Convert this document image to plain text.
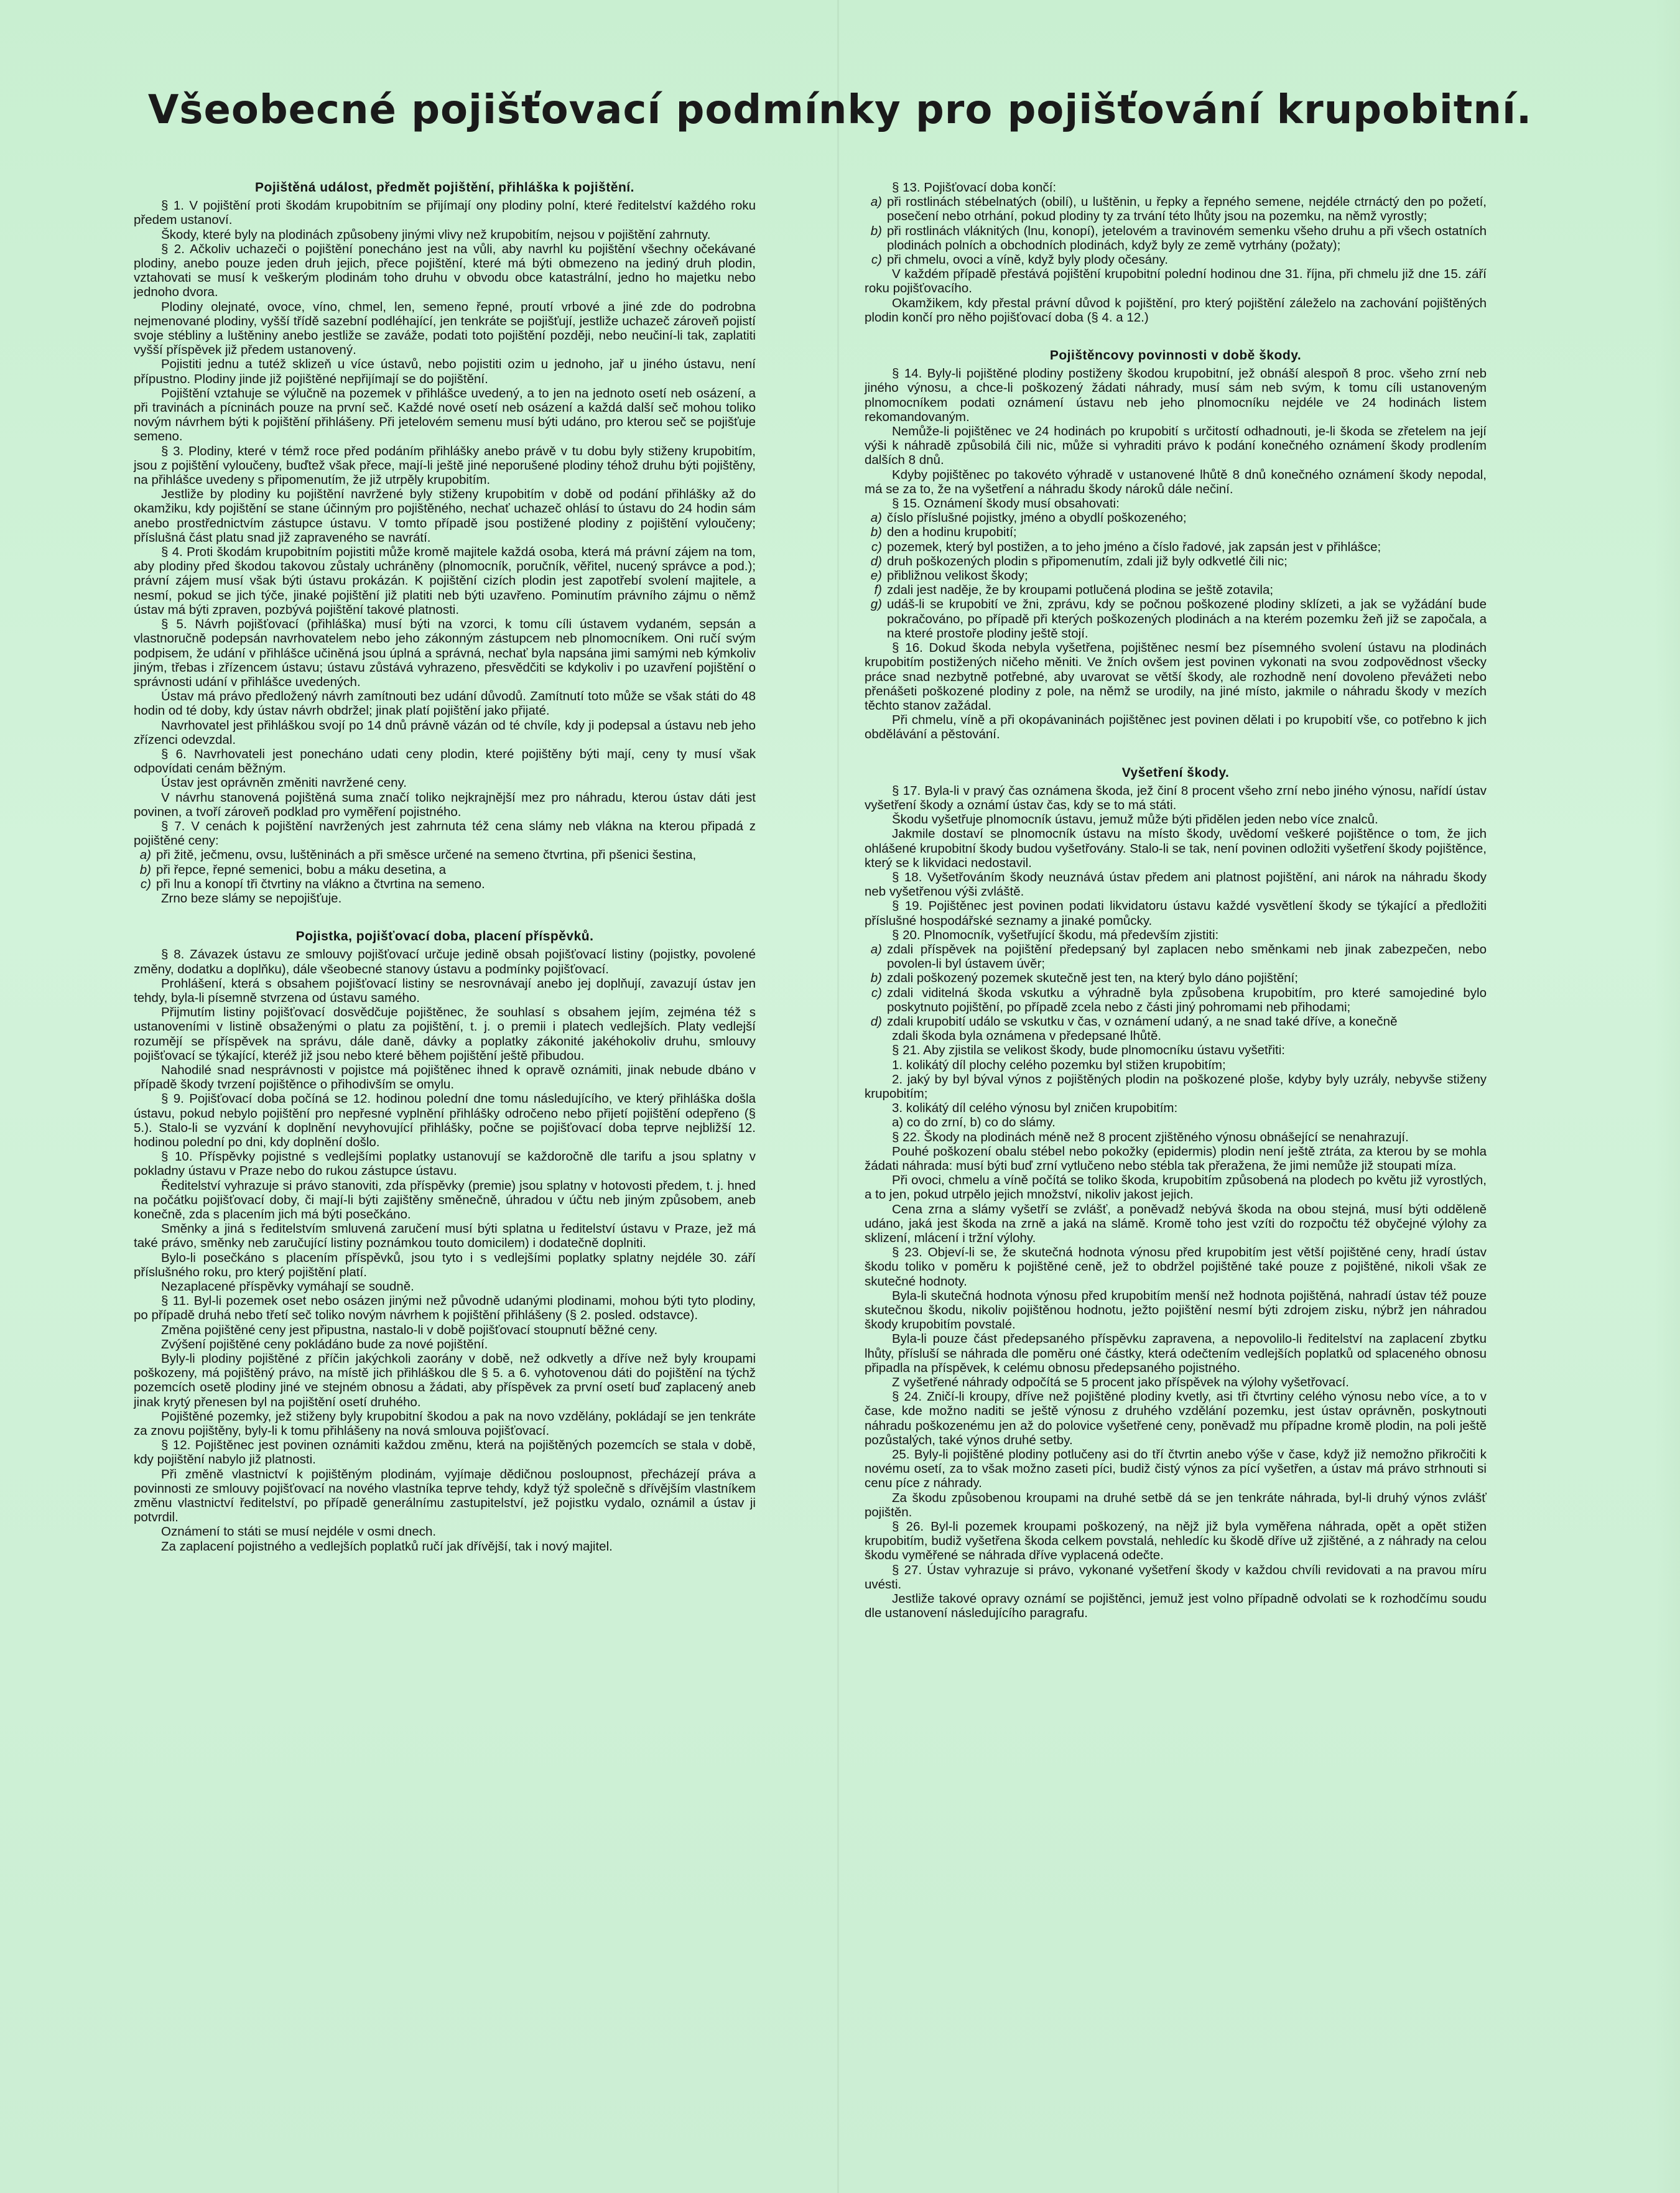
Všeobecné pojišťovací podmínky pro pojišťování krupobitní.
Pojištěná událost, předmět pojištění, přihláška k pojištění.

§ 1. V pojištění proti škodám krupobitním se přijímají ony plodiny polní, které ředitelství každého roku předem ustanoví.

Škody, které byly na plodinách způsobeny jinými vlivy než krupobitím, nejsou v pojištění zahrnuty.

§ 2. Ačkoliv uchazeči o pojištění ponecháno jest na vůli, aby navrhl ku pojištění všechny očekávané plodiny, anebo pouze jeden druh jejich, přece pojištění, které má býti obmezeno na jediný druh plodin, vztahovati se musí k veškerým plodinám toho druhu v obvodu obce katastrální, jedno ho majetku nebo jednoho dvora.

Plodiny olejnaté, ovoce, víno, chmel, len, semeno řepné, proutí vrbové a jiné zde do podrobna nejmenované plodiny, vyšší třídě sazební podléhající, jen tenkráte se pojišťují, jestliže uchazeč zároveň pojistí svoje stébliny a luštěniny anebo jestliže se zaváže, podati toto pojištění později, nebo neučiní-li tak, zaplatiti vyšší příspěvek již předem ustanovený.

Pojistiti jednu a tutéž sklizeň u více ústavů, nebo pojistiti ozim u jednoho, jař u jiného ústavu, není přípustno. Plodiny jinde již pojištěné nepřijímají se do pojištění.

Pojištění vztahuje se výlučně na pozemek v přihlášce uvedený, a to jen na jednoto osetí neb osázení, a při travinách a pícninách pouze na první seč. Každé nové osetí neb osázení a každá další seč mohou toliko novým návrhem býti k pojištění přihlášeny. Při jetelovém semenu musí býti udáno, pro kterou seč se pojišťuje semeno.

§ 3. Plodiny, které v témž roce před podáním přihlášky anebo právě v tu dobu byly stiženy krupobitím, jsou z pojištění vyloučeny, buďtež však přece, mají-li ještě jiné neporušené plodiny téhož druhu býti pojištěny, na přihlášce uvedeny s připomenutím, že již utrpěly krupobitím.

Jestliže by plodiny ku pojištění navržené byly stiženy krupobitím v době od podání přihlášky až do okamžiku, kdy pojištění se stane účinným pro pojištěného, nechať uchazeč ohlásí to ústavu do 24 hodin sám anebo prostřednictvím zástupce ústavu. V tomto případě jsou postižené plodiny z pojištění vyloučeny; příslušná část platu snad již zapraveného se navrátí.

§ 4. Proti škodám krupobitním pojistiti může kromě majitele každá osoba, která má právní zájem na tom, aby plodiny před škodou takovou zůstaly uchráněny (plnomocník, poručník, věřitel, nucený správce a pod.); právní zájem musí však býti ústavu prokázán. K pojištění cizích plodin jest zapotřebí svolení majitele, a nesmí, pokud se jich týče, jinaké pojištění již platiti neb býti uzavřeno. Pominutím právního zájmu o němž ústav má býti zpraven, pozbývá pojištění takové platnosti.

§ 5. Návrh pojišťovací (přihláška) musí býti na vzorci, k tomu cíli ústavem vydaném, sepsán a vlastnoručně podepsán navrhovatelem nebo jeho zákonným zástupcem neb plnomocníkem. Oni ručí svým podpisem, že udání v přihlášce učiněná jsou úplná a správná, nechať byla napsána jimi samými neb kýmkoliv jiným, třebas i zřízencem ústavu; ústavu zůstává vyhrazeno, přesvědčiti se kdykoliv i po uzavření pojištění o správnosti udání v přihlášce uvedených.

Ústav má právo předložený návrh zamítnouti bez udání důvodů. Zamítnutí toto může se však státi do 48 hodin od té doby, kdy ústav návrh obdržel; jinak platí pojištění jako přijaté.

Navrhovatel jest přihláškou svojí po 14 dnů právně vázán od té chvíle, kdy ji podepsal a ústavu neb jeho zřízenci odevzdal.

§ 6. Navrhovateli jest ponecháno udati ceny plodin, které pojištěny býti mají, ceny ty musí však odpovídati cenám běžným.

Ústav jest oprávněn změniti navržené ceny.

V návrhu stanovená pojištěná suma značí toliko nejkrajnější mez pro náhradu, kterou ústav dáti jest povinen, a tvoří zároveň podklad pro vyměření pojistného.

§ 7. V cenách k pojištění navržených jest zahrnuta též cena slámy neb vlákna na kterou připadá z pojištěné ceny:

a) při žitě, ječmenu, ovsu, luštěninách a při směsce určené na semeno čtvrtina, při pšenici šestina,
b) při řepce, řepné semenici, bobu a máku desetina, a
c) při lnu a konopí tři čtvrtiny na vlákno a čtvrtina na semeno.

Zrno beze slámy se nepojišťuje.

Pojistka, pojišťovací doba, placení příspěvků.

§ 8. Závazek ústavu ze smlouvy pojišťovací určuje jedině obsah pojišťovací listiny (pojistky, povolené změny, dodatku a doplňku), dále všeobecné stanovy ústavu a podmínky pojišťovací.

Prohlášení, která s obsahem pojišťovací listiny se nesrovnávají anebo jej doplňují, zavazují ústav jen tehdy, byla-li písemně stvrzena od ústavu samého.

Přijmutím listiny pojišťovací dosvědčuje pojištěnec, že souhlasí s obsahem jejím, zejména též s ustanoveními v listině obsaženými o platu za pojištění, t. j. o premii i platech vedlejších. Platy vedlejší rozumějí se příspěvek na správu, dále daně, dávky a poplatky zákonité jakéhokoliv druhu, smlouvy pojišťovací se týkající, kteréž již jsou nebo které během pojištění ještě přibudou.

Nahodilé snad nesprávnosti v pojistce má pojištěnec ihned k opravě oznámiti, jinak nebude dbáno v případě škody tvrzení pojištěnce o přihodivším se omylu.

§ 9. Pojišťovací doba počíná se 12. hodinou polední dne tomu následujícího, ve který přihláška došla ústavu, pokud nebylo pojištění pro nepřesné vyplnění přihlášky odročeno nebo přijetí pojištění odepřeno (§ 5.). Stalo-li se vyzvání k doplnění nevyhovující přihlášky, počne se pojišťovací doba teprve nejbližší 12. hodinou polední po dni, kdy doplnění došlo.

§ 10. Příspěvky pojistné s vedlejšími poplatky ustanovují se každoročně dle tarifu a jsou splatny v pokladny ústavu v Praze nebo do rukou zástupce ústavu.

Ředitelství vyhrazuje si právo stanoviti, zda příspěvky (premie) jsou splatny v hotovosti předem, t. j. hned na počátku pojišťovací doby, či mají-li býti zajištěny směnečně, úhradou v účtu neb jiným způsobem, aneb konečně, zda s placením jich má býti posečkáno.

Směnky a jiná s ředitelstvím smluvená zaručení musí býti splatna u ředitelství ústavu v Praze, jež má také právo, směnky neb zaručující listiny poznámkou touto domicilem) i dodatečně doplniti.

Bylo-li posečkáno s placením příspěvků, jsou tyto i s vedlejšími poplatky splatny nejdéle 30. září příslušného roku, pro který pojištění platí.

Nezaplacené příspěvky vymáhají se soudně.

§ 11. Byl-li pozemek oset nebo osázen jinými než původně udanými plodinami, mohou býti tyto plodiny, po případě druhá nebo třetí seč toliko novým návrhem k pojištění přihlášeny (§ 2. posled. odstavce).

Změna pojištěné ceny jest připustna, nastalo-li v době pojišťovací stoupnutí běžné ceny.

Zvýšení pojištěné ceny pokládáno bude za nové pojištění.

Byly-li plodiny pojištěné z příčin jakýchkoli zaorány v době, než odkvetly a dříve než byly kroupami poškozeny, má pojištěný právo, na místě jich přihláškou dle § 5. a 6. vyhotovenou dáti do pojištění na týchž pozemcích osetě plodiny jiné ve stejném obnosu a žádati, aby příspěvek za první osetí buď zaplacený aneb jinak krytý přenesen byl na pojištění osetí druhého.

Pojištěné pozemky, jež stiženy byly krupobitní škodou a pak na novo vzdělány, pokládají se jen tenkráte za znovu pojištěny, byly-li k tomu přihlášeny na nová smlouva pojišťovací.

§ 12. Pojištěnec jest povinen oznámiti každou změnu, která na pojištěných pozemcích se stala v době, kdy pojištění nabylo již platnosti.

Při změně vlastnictví k pojištěným plodinám, vyjímaje dědičnou posloupnost, přecházejí práva a povinnosti ze smlouvy pojišťovací na nového vlastníka teprve tehdy, když týž společně s dřívějším vlastníkem změnu vlastnictví ředitelství, po případě generálnímu zastupitelství, jež pojistku vydalo, oznámil a ústav ji potvrdil.

Oznámení to státi se musí nejdéle v osmi dnech.

Za zaplacení pojistného a vedlejších poplatků ručí jak dřívější, tak i nový majitel.

§ 13. Pojišťovací doba končí:

a) při rostlinách stébelnatých (obilí), u luštěnin, u řepky a řepného semene, nejdéle ctrnáctý den po požetí, posečení nebo otrhání, pokud plodiny ty za trvání této lhůty jsou na pozemku, na němž vyrostly;
b) při rostlinách vláknitých (lnu, konopí), jetelovém a travinovém semenku všeho druhu a při všech ostatních plodinách polních a obchodních plodinách, když byly ze země vytrhány (požaty);
c) při chmelu, ovoci a víně, když byly plody očesány.

V každém případě přestává pojištění krupobitní polední hodinou dne 31. října, při chmelu již dne 15. září roku pojišťovacího.

Okamžikem, kdy přestal právní důvod k pojištění, pro který pojištění záleželo na zachování pojištěných plodin končí pro něho pojišťovací doba (§ 4. a 12.)

Pojištěncovy povinnosti v době škody.

§ 14. Byly-li pojištěné plodiny postiženy škodou krupobitní, jež obnáší alespoň 8 proc. všeho zrní neb jiného výnosu, a chce-li poškozený žádati náhrady, musí sám neb svým, k tomu cíli ustanoveným plnomocníkem podati oznámení ústavu neb jeho plnomocníku nejdéle ve 24 hodinách listem rekomandovaným.

Nemůže-li pojištěnec ve 24 hodinách po krupobití s určitostí odhadnouti, je-li škoda se zřetelem na její výši k náhradě způsobilá čili nic, může si vyhraditi právo k podání konečného oznámení škody prodlením dalších 8 dnů.

Kdyby pojištěnec po takovéto výhradě v ustanovené lhůtě 8 dnů konečného oznámení škody nepodal, má se za to, že na vyšetření a náhradu škody nároků dále nečiní.

§ 15. Oznámení škody musí obsahovati:

a) číslo příslušné pojistky, jméno a obydlí poškozeného;
b) den a hodinu krupobití;
c) pozemek, který byl postižen, a to jeho jméno a číslo řadové, jak zapsán jest v přihlášce;
d) druh poškozených plodin s připomenutím, zdali již byly odkvetlé čili nic;
e) přibližnou velikost škody;
f) zdali jest naděje, že by kroupami potlučená plodina se ještě zotavila;
g) udáš-li se krupobití ve žni, zprávu, kdy se počnou poškozené plodiny sklízeti, a jak se vyžádání bude pokračováno, po případě při kterých poškozených plodinách a na kterém pozemku žeň již se započala, a na které prostoře plodiny ještě stojí.

§ 16. Dokud škoda nebyla vyšetřena, pojištěnec nesmí bez písemného svolení ústavu na plodinách krupobitím postižených ničeho měniti. Ve žních ovšem jest povinen vykonati na svou zodpovědnost všecky práce snad nezbytně potřebné, aby uvarovat se větší škody, ale rozhodně není dovoleno převážeti nebo přenášeti poškozené plodiny z pole, na němž se urodily, na jiné místo, jakmile o náhradu škody v mezích těchto stanov zažádal.

Při chmelu, víně a při okopávaninách pojištěnec jest povinen dělati i po krupobití vše, co potřebno k jich obdělávání a pěstování.

Vyšetření škody.

§ 17. Byla-li v pravý čas oznámena škoda, jež činí 8 procent všeho zrní nebo jiného výnosu, nařídí ústav vyšetření škody a oznámí ústav čas, kdy se to má státi.

Škodu vyšetřuje plnomocník ústavu, jemuž může býti přidělen jeden nebo více znalců.

Jakmile dostaví se plnomocník ústavu na místo škody, uvědomí veškeré pojištěnce o tom, že jich ohlášené krupobitní škody budou vyšetřovány. Stalo-li se tak, není povinen odložiti vyšetření škody pojištěnce, který se k likvidaci nedostavil.

§ 18. Vyšetřováním škody neuznává ústav předem ani platnost pojištění, ani nárok na náhradu škody neb vyšetřenou výši zvláště.

§ 19. Pojištěnec jest povinen podati likvidatoru ústavu každé vysvětlení škody se týkající a předložiti příslušné hospodářské seznamy a jinaké pomůcky.

§ 20. Plnomocník, vyšetřující škodu, má především zjistiti:

a) zdali příspěvek na pojištění předepsaný byl zaplacen nebo směnkami neb jinak zabezpečen, nebo povolen-li byl ústavem úvěr;
b) zdali poškozený pozemek skutečně jest ten, na který bylo dáno pojištění;
c) zdali viditelná škoda vskutku a výhradně byla způsobena krupobitím, pro které samojediné bylo poskytnuto pojištění, po případě zcela nebo z části jiný pohromami neb přihodami;
d) zdali krupobití událo se vskutku v čas, v oznámení udaný, a ne snad také dříve, a konečně

zdali škoda byla oznámena v předepsané lhůtě.

§ 21. Aby zjistila se velikost škody, bude plnomocníku ústavu vyšetřiti:

1. kolikátý díl plochy celého pozemku byl stižen krupobitím;

2. jaký by byl býval výnos z pojištěných plodin na poškozené ploše, kdyby byly uzrály, nebyvše stiženy krupobitím;

3. kolikátý díl celého výnosu byl zničen krupobitím:

a) co do zrní, b) co do slámy.

§ 22. Škody na plodinách méně než 8 procent zjištěného výnosu obnášející se nenahrazují.

Pouhé poškození obalu stébel nebo pokožky (epidermis) plodin není ještě ztráta, za kterou by se mohla žádati náhrada: musí býti buď zrní vytlučeno nebo stébla tak přeražena, že jimi nemůže již stoupati míza.

Při ovoci, chmelu a víně počítá se toliko škoda, krupobitím způsobená na plodech po květu již vyrostlých, a to jen, pokud utrpělo jejich množství, nikoliv jakost jejich.

Cena zrna a slámy vyšetří se zvlášť, a poněvadž nebývá škoda na obou stejná, musí býti odděleně udáno, jaká jest škoda na zrně a jaká na slámě. Kromě toho jest vzíti do rozpočtu též obyčejné výlohy za sklizení, mlácení i tržní výlohy.

§ 23. Objeví-li se, že skutečná hodnota výnosu před krupobitím jest větší pojištěné ceny, hradí ústav škodu toliko v poměru k pojištěné ceně, jež to obdržel pojištěné také pouze z pojištěné, nikoli však ze skutečné hodnoty.

Byla-li skutečná hodnota výnosu před krupobitím menší než hodnota pojištěná, nahradí ústav též pouze skutečnou škodu, nikoliv pojištěnou hodnotu, ježto pojištění nesmí býti zdrojem zisku, nýbrž jen náhradou škody krupobitím povstalé.

Byla-li pouze část předepsaného příspěvku zapravena, a nepovolilo-li ředitelství na zaplacení zbytku lhůty, přísluší se náhrada dle poměru oné částky, která odečtením vedlejších poplatků od splaceného obnosu připadla na příspěvek, k celému obnosu předepsaného pojistného.

Z vyšetřené náhrady odpočítá se 5 procent jako příspěvek na výlohy vyšetřovací.

§ 24. Zničí-li kroupy, dříve než pojištěné plodiny kvetly, asi tři čtvrtiny celého výnosu nebo více, a to v čase, kde možno naditi se ještě výnosu z druhého vzdělání pozemku, jest ústav oprávněn, poskytnouti náhradu poškozenému jen až do polovice vyšetřené ceny, poněvadž mu případne kromě plodin, na poli ještě pozůstalých, také výnos druhé setby.

25. Byly-li pojištěné plodiny potlučeny asi do tří čtvrtin anebo výše v čase, když již nemožno přikročiti k novému osetí, za to však možno zaseti píci, budiž čistý výnos za pící vyšetřen, a ústav má právo strhnouti si cenu píce z náhrady.

Za škodu způsobenou kroupami na druhé setbě dá se jen tenkráte náhrada, byl-li druhý výnos zvlášť pojištěn.

§ 26. Byl-li pozemek kroupami poškozený, na nějž již byla vyměřena náhrada, opět a opět stižen krupobitím, budiž vyšetřena škoda celkem povstalá, nehledíc ku škodě dříve už zjištěné, a z náhrady na celou škodu vyměřené se náhrada dříve vyplacená odečte.

§ 27. Ústav vyhrazuje si právo, vykonané vyšetření škody v každou chvíli revidovati a na pravou míru uvésti.

Jestliže takové opravy oznámí se pojištěnci, jemuž jest volno případně odvolati se k rozhodčímu soudu dle ustanovení následujícího paragrafu.
